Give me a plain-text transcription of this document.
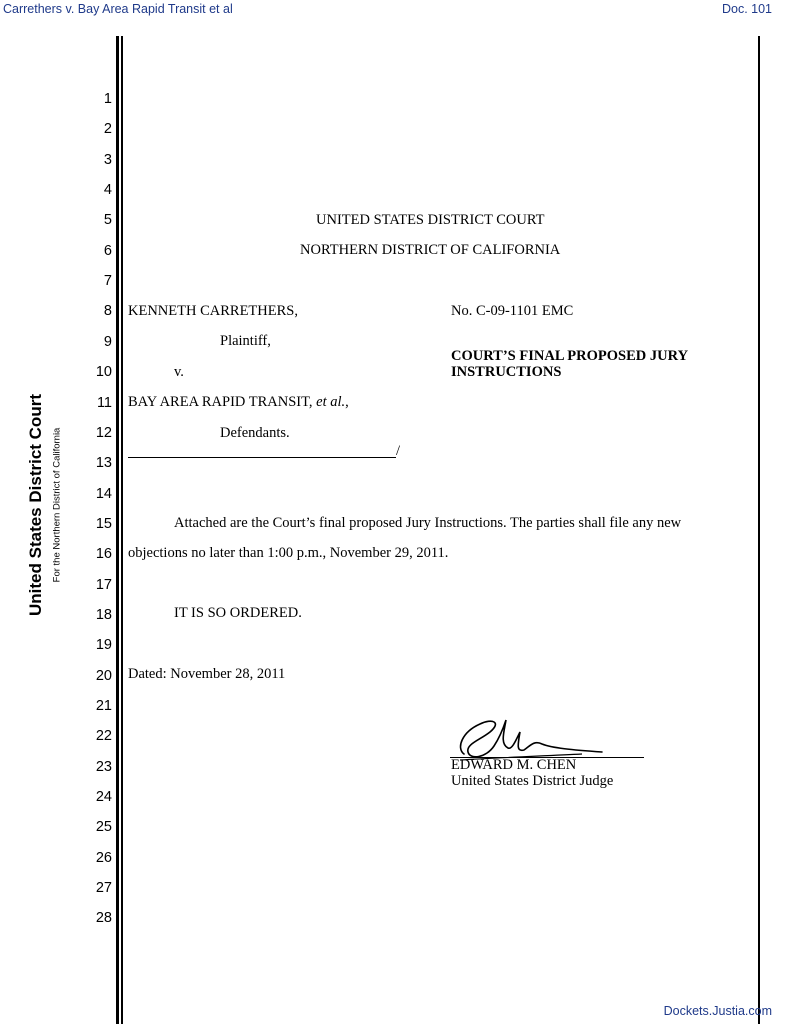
Carrethers v. Bay Area Rapid Transit et al	Doc. 101
United States District Court For the Northern District of California
1
2
3
4
5
6
7
8
9
10
11
12
13
14
15
16
17
18
19
20
21
22
23
24
25
26
27
28
UNITED STATES DISTRICT COURT
NORTHERN DISTRICT OF CALIFORNIA
KENNETH CARRETHERS,	No. C-09-1101 EMC
Plaintiff,
COURT’S FINAL PROPOSED JURY
v.	INSTRUCTIONS
BAY AREA RAPID TRANSIT, et al.,
Defendants.
/
Attached are the Court’s final proposed Jury Instructions. The parties shall file any new
objections no later than 1:00 p.m., November 29, 2011.
IT IS SO ORDERED.
Dated: November 28, 2011
EDWARD M. CHEN
United States District Judge
Dockets.Justia.com
